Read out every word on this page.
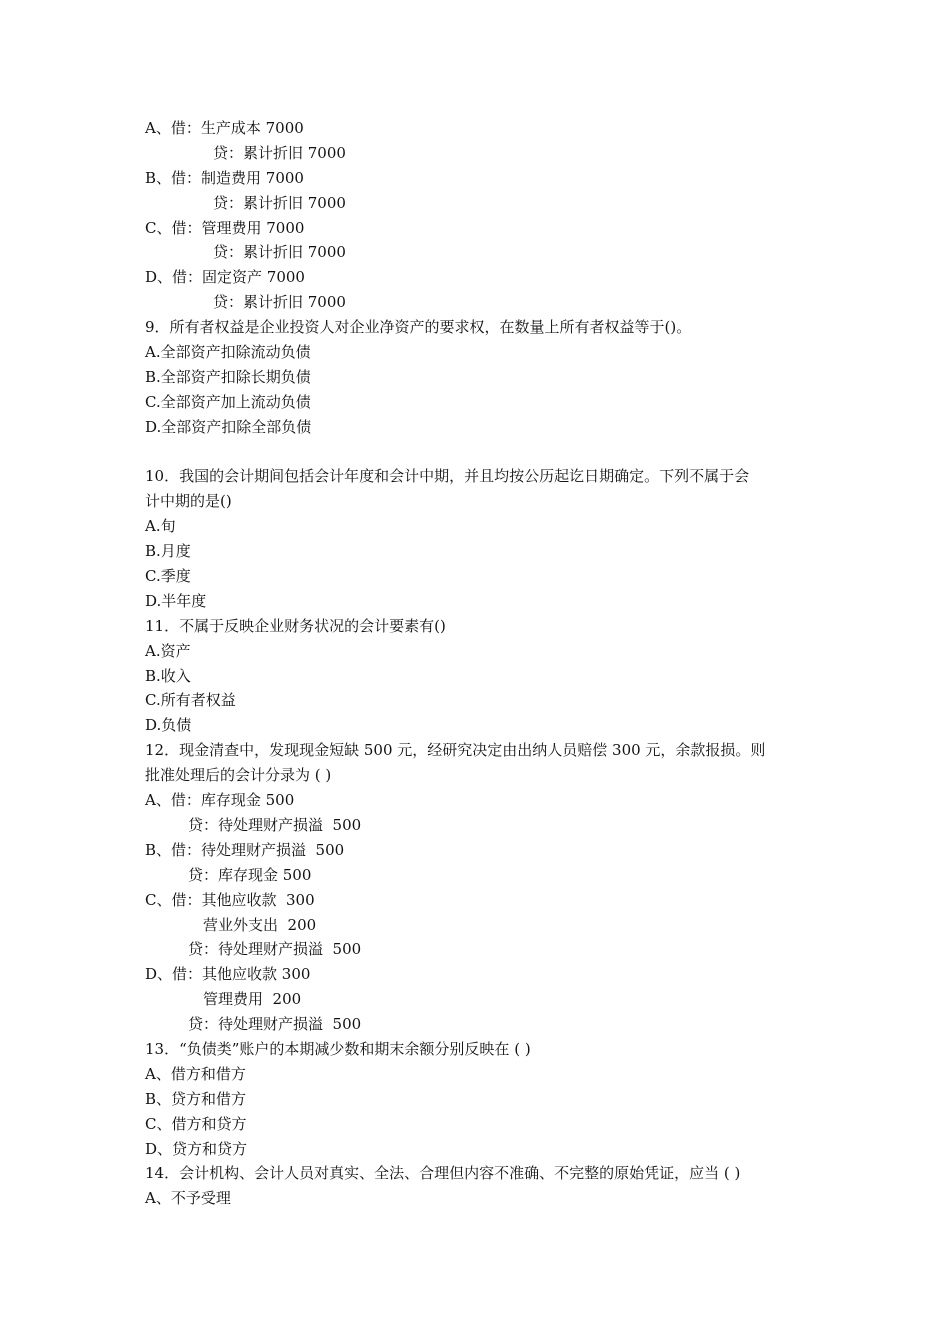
A、借：生产成本 7000
贷：累计折旧 7000
B、借：制造费用 7000
贷：累计折旧 7000
C、借：管理费用 7000
贷：累计折旧 7000
D、借：固定资产 7000
贷：累计折旧 7000
9．所有者权益是企业投资人对企业净资产的要求权，在数量上所有者权益等于()。
A.全部资产扣除流动负债
B.全部资产扣除长期负债
C.全部资产加上流动负债
D.全部资产扣除全部负债
10．我国的会计期间包括会计年度和会计中期，并且均按公历起讫日期确定。下列不属于会
计中期的是()
A.旬
B.月度
C.季度
D.半年度
11．不属于反映企业财务状况的会计要素有()
A.资产
B.收入
C.所有者权益
D.负债
12．现金清查中，发现现金短缺 500 元，经研究决定由出纳人员赔偿 300 元，余款报损。则
批准处理后的会计分录为 ( )
A、借：库存现金 500
贷：待处理财产损溢  500
B、借：待处理财产损溢  500
贷：库存现金 500
C、借：其他应收款  300
营业外支出  200
贷：待处理财产损溢  500
D、借：其他应收款 300
管理费用  200
贷：待处理财产损溢  500
13．“负债类”账户的本期减少数和期末余额分别反映在 ( )
A、借方和借方
B、贷方和借方
C、借方和贷方
D、贷方和贷方
14．会计机构、会计人员对真实、全法、合理但内容不准确、不完整的原始凭证，应当 ( )
A、不予受理
